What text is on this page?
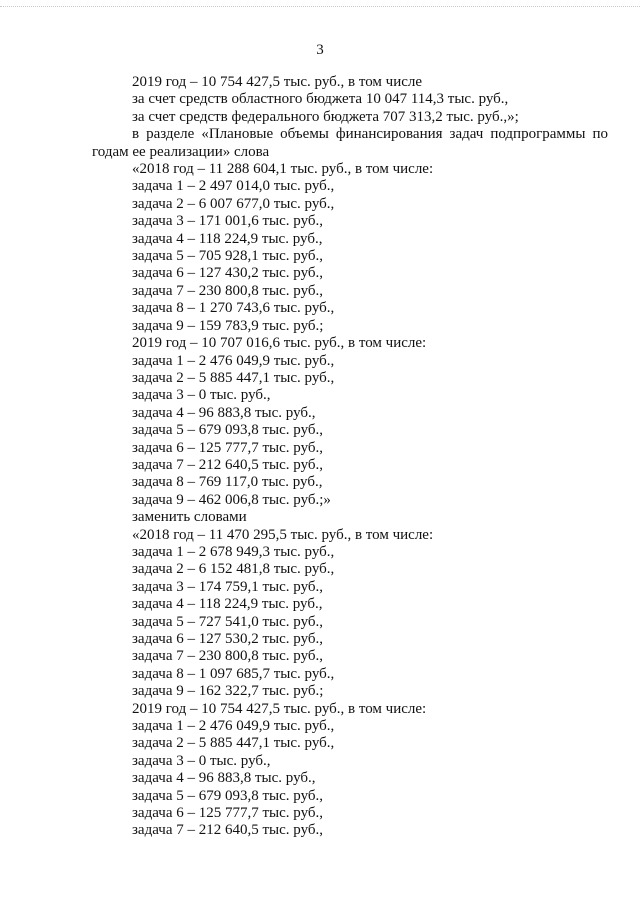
3
2019 год – 10 754 427,5 тыс. руб., в том числе
за счет средств областного бюджета 10 047 114,3 тыс. руб.,
за счет средств федерального бюджета 707 313,2 тыс. руб.,»;
в разделе «Плановые объемы финансирования задач подпрограммы по годам ее реализации» слова
«2018 год – 11 288 604,1 тыс. руб., в том числе:
задача 1 – 2 497 014,0 тыс. руб.,
задача 2 – 6 007 677,0 тыс. руб.,
задача 3 – 171 001,6 тыс. руб.,
задача 4 – 118 224,9 тыс. руб.,
задача 5 – 705 928,1 тыс. руб.,
задача 6 – 127 430,2 тыс. руб.,
задача 7 – 230 800,8 тыс. руб.,
задача 8 – 1 270 743,6 тыс. руб.,
задача 9 – 159 783,9 тыс. руб.;
2019 год – 10 707 016,6 тыс. руб., в том числе:
задача 1 – 2 476 049,9 тыс. руб.,
задача 2 – 5 885 447,1 тыс. руб.,
задача 3 – 0 тыс. руб.,
задача 4 – 96 883,8 тыс. руб.,
задача 5 – 679 093,8 тыс. руб.,
задача 6 – 125 777,7 тыс. руб.,
задача 7 – 212 640,5 тыс. руб.,
задача 8 – 769 117,0 тыс. руб.,
задача 9 – 462 006,8 тыс. руб.;»
заменить словами
«2018 год – 11 470 295,5 тыс. руб., в том числе:
задача 1 – 2 678 949,3 тыс. руб.,
задача 2 – 6 152 481,8 тыс. руб.,
задача 3 – 174 759,1 тыс. руб.,
задача 4 – 118 224,9 тыс. руб.,
задача 5 – 727 541,0 тыс. руб.,
задача 6 – 127 530,2 тыс. руб.,
задача 7 – 230 800,8 тыс. руб.,
задача 8 – 1 097 685,7 тыс. руб.,
задача 9 – 162 322,7 тыс. руб.;
2019 год – 10 754 427,5 тыс. руб., в том числе:
задача 1 – 2 476 049,9 тыс. руб.,
задача 2 – 5 885 447,1 тыс. руб.,
задача 3 – 0 тыс. руб.,
задача 4 – 96 883,8 тыс. руб.,
задача 5 – 679 093,8 тыс. руб.,
задача 6 – 125 777,7 тыс. руб.,
задача 7 – 212 640,5 тыс. руб.,
